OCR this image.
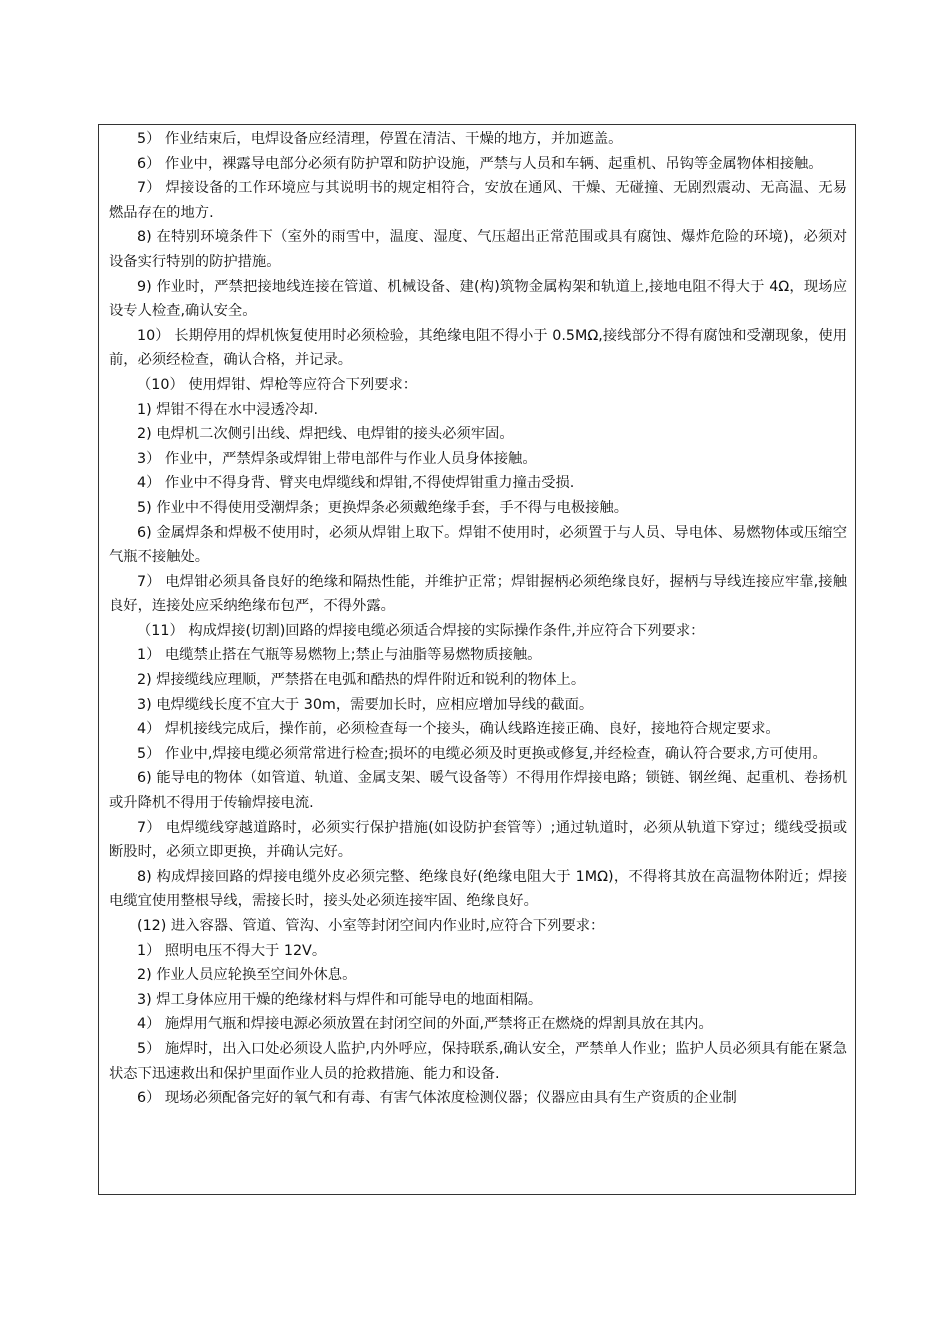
5） 作业结束后，电焊设备应经清理，停置在清洁、干燥的地方，并加遮盖。

6） 作业中，裸露导电部分必须有防护罩和防护设施，严禁与人员和车辆、起重机、吊钩等金属物体相接触。

7） 焊接设备的工作环境应与其说明书的规定相符合，安放在通风、干燥、无碰撞、无剧烈震动、无高温、无易燃品存在的地方.

8) 在特别环境条件下（室外的雨雪中，温度、湿度、气压超出正常范围或具有腐蚀、爆炸危险的环境)，必须对设备实行特别的防护措施。

9) 作业时，严禁把接地线连接在管道、机械设备、建(构)筑物金属构架和轨道上,接地电阻不得大于 4Ω，现场应设专人检查,确认安全。

10） 长期停用的焊机恢复使用时必须检验，其绝缘电阻不得小于 0.5MΩ,接线部分不得有腐蚀和受潮现象，使用前，必须经检查，确认合格，并记录。

（10） 使用焊钳、焊枪等应符合下列要求：

1) 焊钳不得在水中浸透冷却.

2) 电焊机二次侧引出线、焊把线、电焊钳的接头必须牢固。

3） 作业中，严禁焊条或焊钳上带电部件与作业人员身体接触。

4） 作业中不得身背、臂夹电焊缆线和焊钳,不得使焊钳重力撞击受损.

5) 作业中不得使用受潮焊条；更换焊条必须戴绝缘手套，手不得与电极接触。

6) 金属焊条和焊极不使用时，必须从焊钳上取下。焊钳不使用时，必须置于与人员、导电体、易燃物体或压缩空气瓶不接触处。

7） 电焊钳必须具备良好的绝缘和隔热性能，并维护正常；焊钳握柄必须绝缘良好，握柄与导线连接应牢靠,接触良好，连接处应采纳绝缘布包严，不得外露。

（11） 构成焊接(切割)回路的焊接电缆必须适合焊接的实际操作条件,并应符合下列要求：

1） 电缆禁止搭在气瓶等易燃物上;禁止与油脂等易燃物质接触。

2) 焊接缆线应理顺，严禁搭在电弧和酷热的焊件附近和锐利的物体上。

3) 电焊缆线长度不宜大于 30m，需要加长时，应相应增加导线的截面。

4） 焊机接线完成后，操作前，必须检查每一个接头，确认线路连接正确、良好，接地符合规定要求。

5） 作业中,焊接电缆必须常常进行检查;损坏的电缆必须及时更换或修复,并经检查，确认符合要求,方可使用。

6) 能导电的物体（如管道、轨道、金属支架、暖气设备等）不得用作焊接电路；锁链、钢丝绳、起重机、卷扬机或升降机不得用于传输焊接电流.

7） 电焊缆线穿越道路时，必须实行保护措施(如设防护套管等）;通过轨道时，必须从轨道下穿过；缆线受损或断股时，必须立即更换，并确认完好。

8) 构成焊接回路的焊接电缆外皮必须完整、绝缘良好(绝缘电阻大于 1MΩ)，不得将其放在高温物体附近；焊接电缆宜使用整根导线，需接长时，接头处必须连接牢固、绝缘良好。

(12) 进入容器、管道、管沟、小室等封闭空间内作业时,应符合下列要求：

1） 照明电压不得大于 12V。

2) 作业人员应轮换至空间外休息。

3) 焊工身体应用干燥的绝缘材料与焊件和可能导电的地面相隔。

4） 施焊用气瓶和焊接电源必须放置在封闭空间的外面,严禁将正在燃烧的焊割具放在其内。

5） 施焊时，出入口处必须设人监护,内外呼应，保持联系,确认安全，严禁单人作业；监护人员必须具有能在紧急状态下迅速救出和保护里面作业人员的抢救措施、能力和设备.

6） 现场必须配备完好的氧气和有毒、有害气体浓度检测仪器；仪器应由具有生产资质的企业制
